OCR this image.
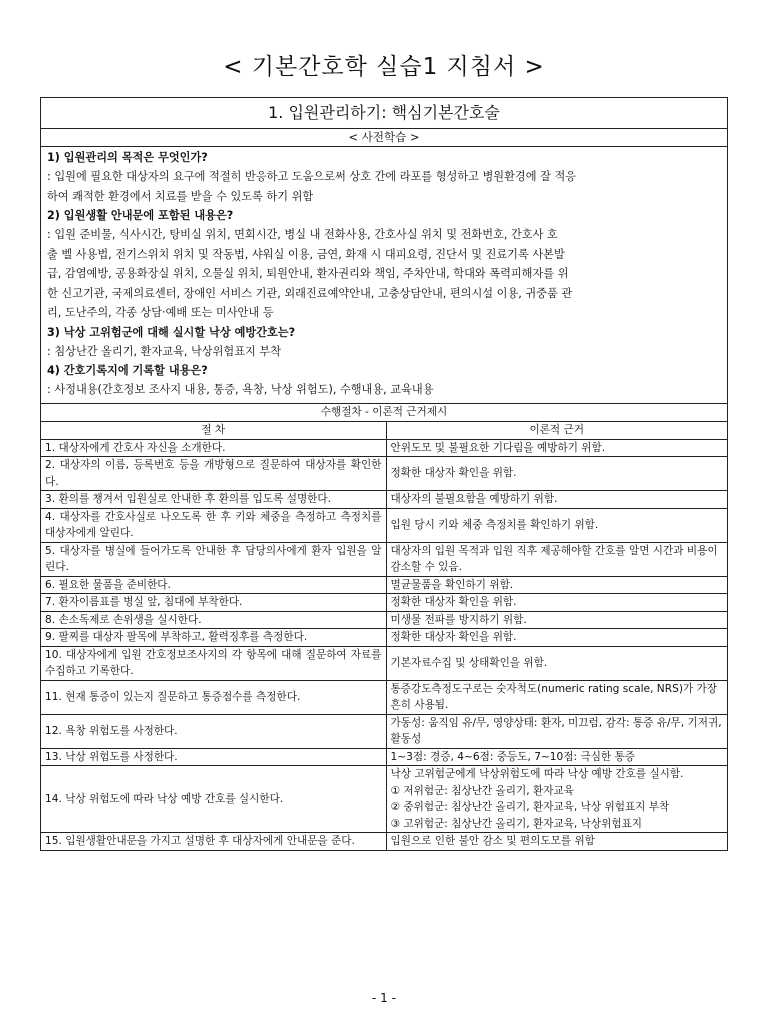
< 기본간호학 실습1 지침서 >
1. 입원관리하기: 핵심기본간호술
< 사전학습 >
1) 입원관리의 목적은 무엇인가?
: 입원에 필요한 대상자의 요구에 적절히 반응하고 도움으로써 상호 간에 라포를 형성하고 병원환경에 잘 적응
하여 쾌적한 환경에서 치료를 받을 수 있도록 하기 위함
2) 입원생활 안내문에 포함된 내용은?
: 입원 준비물, 식사시간, 탕비실 위치, 면회시간, 병실 내 전화사용, 간호사실 위치 및 전화번호, 간호사 호
출 벨 사용법, 전기스위치 위치 및 작동법, 샤워실 이용, 금연, 화재 시 대피요령, 진단서 및 진료기록 사본발
급, 감염예방, 공용화장실 위치, 오물실 위치, 퇴원안내, 환자권리와 책임, 주차안내, 학대와 폭력피해자를 위
한 신고기관, 국제의료센터, 장애인 서비스 기관, 외래진료예약안내, 고충상담안내, 편의시설 이용, 귀중품 관
리, 도난주의, 각종 상담·예배 또는 미사안내 등
3) 낙상 고위험군에 대해 실시할 낙상 예방간호는?
: 침상난간 올리기, 환자교육, 낙상위험표지 부착
4) 간호기록지에 기록할 내용은?
: 사정내용(간호정보 조사지 내용, 통증, 욕창, 낙상 위험도), 수행내용, 교육내용
수행절차 - 이론적 근거제시	
절 차	이론적 근거
1. 대상자에게 간호사 자신을 소개한다.	안위도모 및 불필요한 기다림을 예방하기 위함.

2. 대상자의 이름, 등록번호 등을 개방형으로 질문하여 대상자를 확인한다.	정확한 대상자 확인을 위함.

3. 환의를 챙겨서 입원실로 안내한 후 환의를 입도록 설명한다.	대상자의 불필요함을 예방하기 위함.

4. 대상자를 간호사실로 나오도록 한 후 키와 체중을 측정하고 측정치를 대상자에게 알린다.	입원 당시 키와 체중 측정치를 확인하기 위함.

5. 대상자를 병실에 들어가도록 안내한 후 담당의사에게 환자 입원을 알린다.	대상자의 입원 목적과 입원 직후 제공해야할 간호를 알면 시간과 비용이 감소할 수 있음.

6. 필요한 물품을 준비한다.	멸균물품을 확인하기 위함.

7. 환자이름표를 병실 앞, 침대에 부착한다.	정확한 대상자 확인을 위함.

8. 손소독제로 손위생을 실시한다.	미생물 전파를 방지하기 위함.

9. 팔찌를 대상자 팔목에 부착하고, 활력징후를 측정한다.	정확한 대상자 확인을 위함.

10. 대상자에게 입원 간호정보조사지의 각 항목에 대해 질문하여 자료를 수집하고 기록한다.	기본자료수집 및 상태확인을 위함.

11. 현재 통증이 있는지 질문하고 통증점수를 측정한다.	통증강도측정도구로는 숫자척도(numeric rating scale, NRS)가 가장 흔히 사용됨.

12. 욕창 위험도를 사정한다.	가동성: 움직임 유/무, 영양상태: 환자, 미끄럼, 감각: 통증 유/무, 기저귀, 활동성

13. 낙상 위험도를 사정한다.	1~3점: 경증, 4~6점: 중등도, 7~10점: 극심한 통증

14. 낙상 위험도에 따라 낙상 예방 간호를 실시한다.	낙상 고위험군에게 낙상위험도에 따라 낙상 예방 간호를 실시함.
① 저위험군: 침상난간 올리기, 환자교육
② 중위험군: 침상난간 올리기, 환자교육, 낙상 위험표지 부착
③ 고위험군: 침상난간 올리기, 환자교육, 낙상위험표지

15. 입원생활안내문을 가지고 설명한 후 대상자에게 안내문을 준다.	입원으로 인한 불안 감소 및 편의도모를 위함
- 1 -
